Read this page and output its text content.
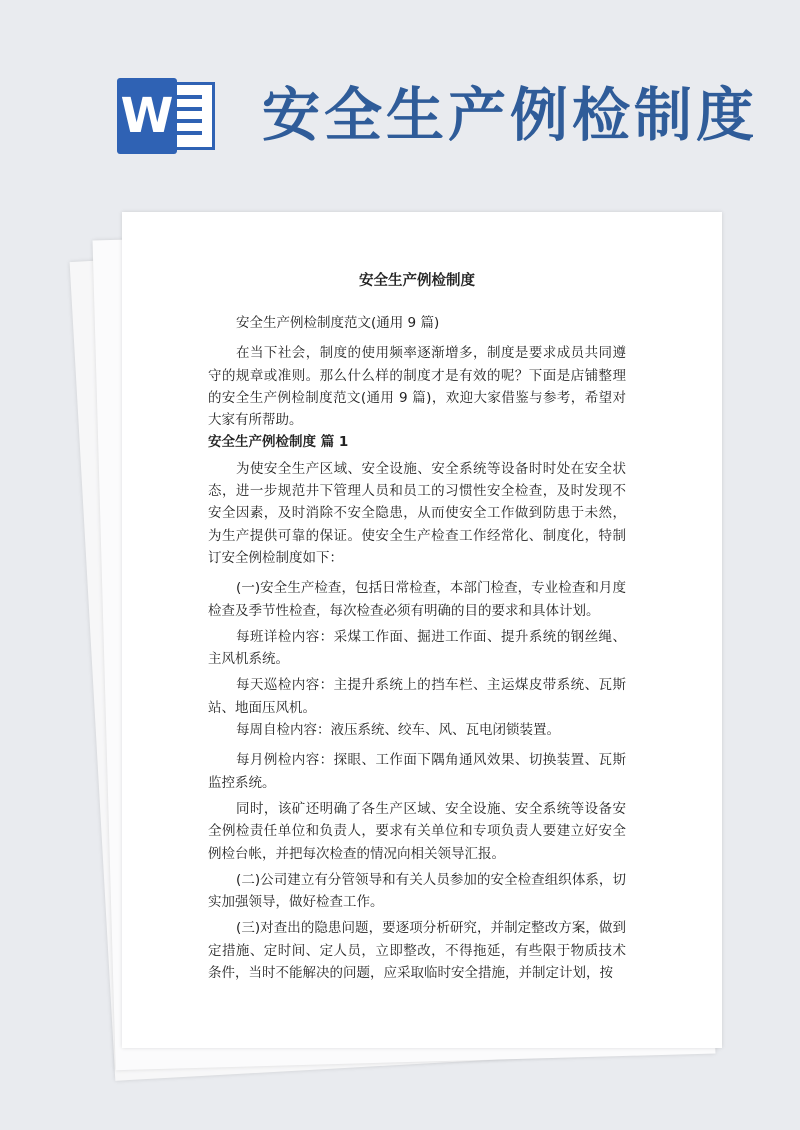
W 安全生产例检制度
安全生产例检制度

安全生产例检制度范文(通用 9 篇)

在当下社会，制度的使用频率逐渐增多，制度是要求成员共同遵守的规章或准则。那么什么样的制度才是有效的呢？下面是店铺整理的安全生产例检制度范文(通用 9 篇)，欢迎大家借鉴与参考，希望对大家有所帮助。

安全生产例检制度 篇 1

为使安全生产区域、安全设施、安全系统等设备时时处在安全状态，进一步规范井下管理人员和员工的习惯性安全检查，及时发现不安全因素，及时消除不安全隐患，从而使安全工作做到防患于未然，为生产提供可靠的保证。使安全生产检查工作经常化、制度化，特制订安全例检制度如下：

(一)安全生产检查，包括日常检查，本部门检查，专业检查和月度检查及季节性检查，每次检查必须有明确的目的要求和具体计划。

每班详检内容：采煤工作面、掘进工作面、提升系统的钢丝绳、主风机系统。

每天巡检内容：主提升系统上的挡车栏、主运煤皮带系统、瓦斯站、地面压风机。

每周自检内容：液压系统、绞车、风、瓦电闭锁装置。

每月例检内容：探眼、工作面下隅角通风效果、切换装置、瓦斯监控系统。

同时，该矿还明确了各生产区域、安全设施、安全系统等设备安全例检责任单位和负责人，要求有关单位和专项负责人要建立好安全例检台帐，并把每次检查的情况向相关领导汇报。

(二)公司建立有分管领导和有关人员参加的安全检查组织体系，切实加强领导，做好检查工作。

(三)对查出的隐患问题，要逐项分析研究，并制定整改方案，做到定措施、定时间、定人员，立即整改，不得拖延，有些限于物质技术条件，当时不能解决的问题，应采取临时安全措施，并制定计划，按
